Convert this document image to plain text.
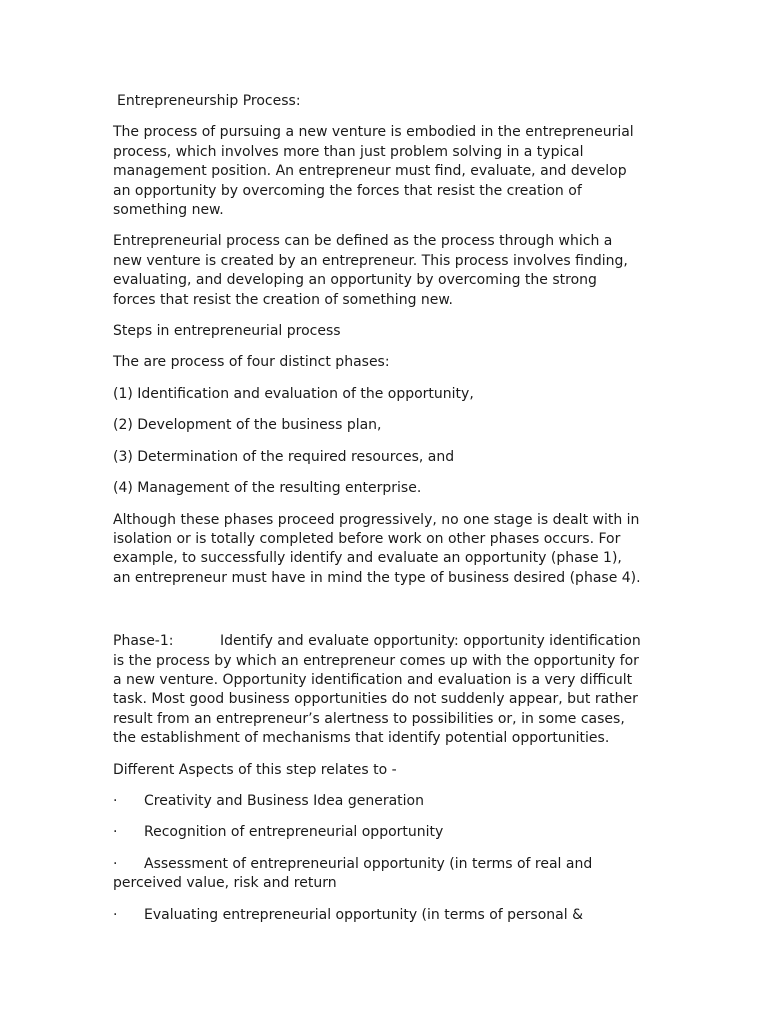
Entrepreneurship Process:

The process of pursuing a new venture is embodied in the entrepreneurial process, which involves more than just problem solving in a typical management position. An entrepreneur must find, evaluate, and develop an opportunity by overcoming the forces that resist the creation of something new.

Entrepreneurial process can be defined as the process through which a new venture is created by an entrepreneur. This process involves finding, evaluating, and developing an opportunity by overcoming the strong forces that resist the creation of something new.

Steps in entrepreneurial process

The are process of four distinct phases:

(1) Identification and evaluation of the opportunity,

(2) Development of the business plan,

(3) Determination of the required resources, and

(4) Management of the resulting enterprise.

Although these phases proceed progressively, no one stage is dealt with in isolation or is totally completed before work on other phases occurs. For example, to successfully identify and evaluate an opportunity (phase 1), an entrepreneur must have in mind the type of business desired (phase 4).

Phase-1:	Identify and evaluate opportunity: opportunity identification is the process by which an entrepreneur comes up with the opportunity for a new venture. Opportunity identification and evaluation is a very difficult task. Most good business opportunities do not suddenly appear, but rather result from an entrepreneur’s alertness to possibilities or, in some cases, the establishment of mechanisms that identify potential opportunities.

Different Aspects of this step relates to -

· Creativity and Business Idea generation

· Recognition of entrepreneurial opportunity

· Assessment of entrepreneurial opportunity (in terms of real and perceived value, risk and return

· Evaluating entrepreneurial opportunity (in terms of personal &
